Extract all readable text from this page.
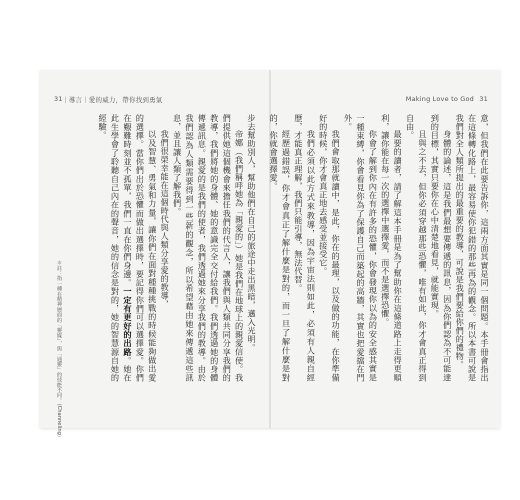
31 ｜導言｜愛的威力，帶你找到勇氣

步去幫助別人，幫助他們在自己的旅途中走出黑暗，邁入光明。

帝娜（我們稱呼她為「親愛的」）她是我們在地球上的親愛信使。我們提供她這個機會來擔任我們的代言人，讓我們與人類共同分享我們的教導，我們將她的身體、她的意識完全交付給我們。我們透過她的身體傳遞訊息。親愛的是我們的使者，我們透過她來分享我們的教導。由於我們認為人類需要得到一些新的觀念，所以希望藉由她來傳遞這些訊息，並且讓人類了解我們。

我們很榮幸能在這個時代與人類分享愛的教導，

以及智慧、勇氣和力量，讓你們在面對種種挑戰的時候能夠做出愛的選擇。當你們出於恐懼而做出選擇時，要記得你們可以選擇愛。你們在艱難時刻並不孤單，我們一直在你們身邊。一定有更好的出路。她在此生學會了聆聽自己內在的聲音，她的信念是對的，她的智慧源自她的經驗。

＊註：指一種在精神層面的「靈媒」，與「通靈」的技能不同。（Channeling）
Making Love to God 31

意，但我們在此要告訴你，這兩方面其實是同一個問題。本手冊會指出在這條轉化路上，最容易使你犯錯的那些再為的觀念。所以本書可說是我們對全人類所提出的最重要的教導，可說是我們要給你們的禮物。

身體的論述，這是我們最想要傳遞的訊息，因為你們認為不可能達到的目標，其實只要你在心中清楚地看見，就能實現。

且與之不去，但你必須穿越那些恐懼，唯有如此，你才會真正得到自由。

最要的讀者，請了解這本手冊是為了幫助你在這條道路上走得更順利，讓你能在每一次的選擇中選擇愛，而不是選擇恐懼。

你會了解到你內在有許多的恐懼，你會發現你以為的安全感其實是一種束縛，你會看見你為了保護自己而築起的高牆，其實也把愛擋在門外。

我們會取那就讀中，是此，你在的最理，以及做的功能，在你準備好的時候，你才會真正地去感受並接受它。

我們必須以此方式來教導，因為宇宙法則如此，必須有人親自經歷，才能真正理解，我們只能引導，無法代替。

經歷過錯誤，你才會真正了解什麼是對的，而一旦了解什麼是對的，你就會選擇愛。
